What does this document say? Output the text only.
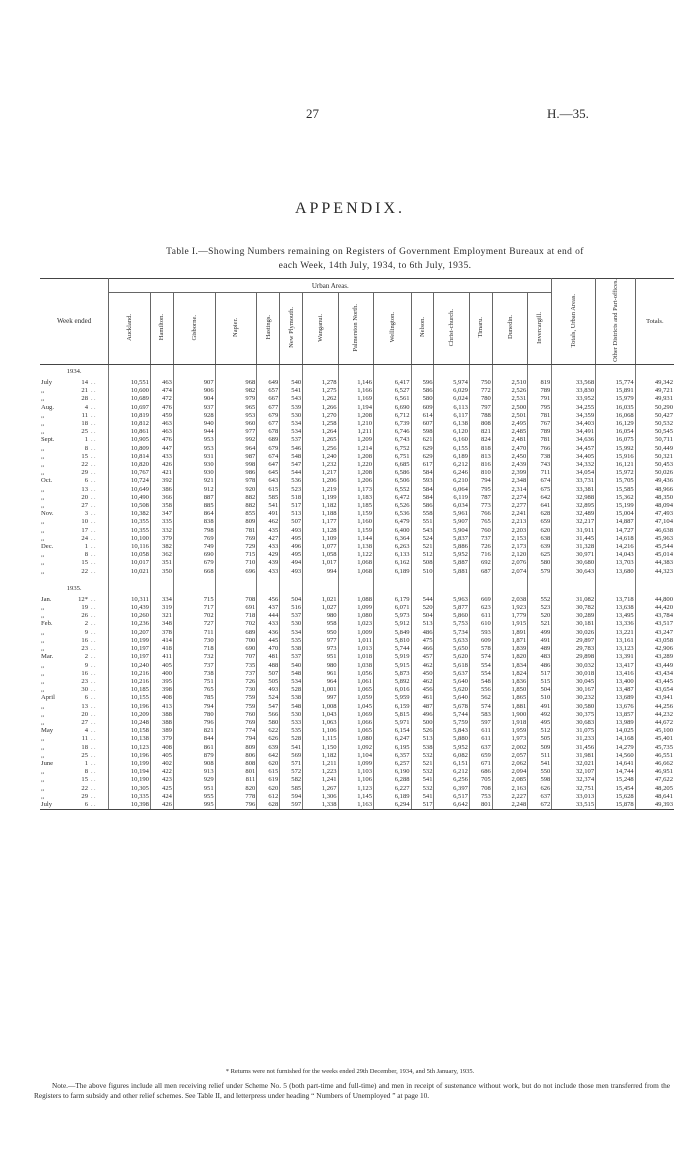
27	H.—35.
APPENDIX.
Table I.—Showing Numbers remaining on Registers of Government Employment Bureaux at end of
each Week, 14th July, 1934, to 6th July, 1935.
Week ended			Urban Areas.														Totals, Urban Areas.	Other Districts and Part-offices.	Totals.
			Auckland.	Hamilton.	Gisborne.	Napier.	Hastings.	New Plymouth.	Wanganui.	Palmerston North.	Wellington.	Nelson.	Christ-church.	Timaru.	Dunedin.	Invercargill.			
1934.																			
July	14	. .	10,551	463	907	968	649	540	1,278	1,146	6,417	596	5,974	750	2,510	819	33,568	15,774	49,342
,,	21	. .	10,600	474	906	982	657	541	1,275	1,166	6,527	586	6,029	772	2,526	789	33,830	15,891	49,721
,,	28	. .	10,689	472	904	979	667	543	1,262	1,169	6,561	580	6,024	780	2,531	791	33,952	15,979	49,931
Aug.	4	. .	10,697	476	937	965	677	539	1,266	1,194	6,690	609	6,113	797	2,500	795	34,255	16,035	50,290
,,	11	. .	10,819	459	928	953	679	530	1,270	1,208	6,712	614	6,117	788	2,501	781	34,359	16,068	50,427
,,	18	. .	10,812	463	940	960	677	534	1,258	1,210	6,739	607	6,138	808	2,495	767	34,403	16,129	50,532
,,	25	. .	10,861	463	944	977	678	534	1,264	1,211	6,746	598	6,120	821	2,485	789	34,491	16,054	50,545
Sept.	1	. .	10,905	476	953	992	689	537	1,265	1,209	6,743	621	6,160	824	2,481	781	34,636	16,075	50,711
,,	8	. .	10,809	447	953	964	679	546	1,256	1,214	6,752	629	6,155	818	2,470	766	34,457	15,992	50,449
,,	15	. .	10,814	433	931	987	674	548	1,240	1,208	6,751	629	6,189	813	2,450	738	34,405	15,916	50,321
,,	22	. .	10,820	426	930	998	647	547	1,232	1,220	6,685	617	6,212	816	2,439	743	34,332	16,121	50,453
,,	29	. .	10,767	421	930	986	645	544	1,217	1,208	6,586	584	6,246	810	2,399	711	34,054	15,972	50,026
Oct.	6	. .	10,724	392	921	978	643	536	1,206	1,206	6,506	593	6,210	794	2,348	674	33,731	15,705	49,436
,,	13	. .	10,649	386	912	920	615	523	1,219	1,173	6,552	584	6,064	795	2,314	675	33,381	15,585	48,966
,,	20	. .	10,490	366	887	882	585	518	1,199	1,183	6,472	584	6,119	787	2,274	642	32,988	15,362	48,350
,,	27	. .	10,508	358	885	882	541	517	1,182	1,185	6,526	586	6,034	773	2,277	641	32,895	15,199	48,094
Nov.	3	. .	10,382	347	864	855	491	513	1,188	1,159	6,536	558	5,961	766	2,241	628	32,489	15,004	47,493
,,	10	. .	10,355	335	838	809	462	507	1,177	1,160	6,479	551	5,907	765	2,213	659	32,217	14,887	47,104
,,	17	. .	10,355	332	798	781	435	493	1,128	1,159	6,400	543	5,904	760	2,203	620	31,911	14,727	46,638
,,	24	. .	10,100	379	769	769	427	495	1,109	1,144	6,364	524	5,837	737	2,153	638	31,445	14,618	45,963
Dec.	1	. .	10,116	382	749	729	433	496	1,077	1,138	6,263	521	5,886	726	2,173	639	31,328	14,216	45,544
,,	8	. .	10,058	362	690	715	429	495	1,058	1,122	6,133	512	5,952	716	2,120	625	30,971	14,043	45,014
,,	15	. .	10,017	351	679	710	439	494	1,017	1,068	6,162	508	5,887	692	2,076	580	30,680	13,703	44,383
,,	22	. .	10,021	350	668	696	433	493	994	1,068	6,189	510	5,881	687	2,074	579	30,643	13,680	44,323

1935.																			
Jan.	12*	. .	10,311	334	715	708	456	504	1,021	1,088	6,179	544	5,963	669	2,038	552	31,082	13,718	44,800
,,	19	. .	10,439	319	717	691	437	516	1,027	1,099	6,071	520	5,877	623	1,923	523	30,782	13,638	44,420
,,	26	. .	10,260	321	702	718	444	537	980	1,080	5,973	504	5,860	611	1,779	520	30,289	13,495	43,784
Feb.	2	. .	10,236	348	727	702	433	530	958	1,023	5,912	513	5,753	610	1,915	521	30,181	13,336	43,517
,,	9	. .	10,207	378	711	689	436	534	950	1,009	5,849	486	5,734	593	1,891	499	30,026	13,221	43,247
,,	16	. .	10,199	414	730	700	445	535	977	1,011	5,810	475	5,633	609	1,871	491	29,897	13,161	43,058
,,	23	. .	10,197	418	718	690	470	538	973	1,013	5,744	466	5,650	578	1,839	489	29,783	13,123	42,906
Mar.	2	. .	10,197	411	732	707	481	537	951	1,018	5,919	457	5,620	574	1,820	483	29,898	13,391	43,289
,,	9	. .	10,240	405	737	735	488	540	980	1,038	5,915	462	5,618	554	1,834	486	30,032	13,417	43,449
,,	16	. .	10,216	400	738	737	507	548	961	1,056	5,873	450	5,637	554	1,824	517	30,018	13,416	43,434
,,	23	. .	10,216	395	751	726	505	534	964	1,061	5,892	462	5,640	548	1,836	515	30,045	13,400	43,445
,,	30	. .	10,185	398	765	730	493	528	1,001	1,065	6,016	456	5,620	556	1,850	504	30,167	13,487	43,654
April	6	. .	10,155	408	785	759	524	538	997	1,059	5,959	461	5,640	562	1,865	510	30,232	13,689	43,941
,,	13	. .	10,196	413	794	759	547	548	1,008	1,045	6,159	487	5,678	574	1,881	491	30,580	13,676	44,256
,,	20	. .	10,209	388	780	760	566	530	1,043	1,069	5,815	496	5,744	583	1,900	492	30,375	13,857	44,232
,,	27	. .	10,248	388	796	769	580	533	1,063	1,066	5,971	500	5,759	597	1,918	495	30,683	13,989	44,672
May	4	. .	10,158	389	821	774	622	535	1,106	1,065	6,154	526	5,843	611	1,959	512	31,075	14,025	45,100
,,	11	. .	10,138	379	844	794	626	528	1,115	1,080	6,247	513	5,880	611	1,973	505	31,233	14,168	45,401
,,	18	. .	10,123	408	861	809	639	541	1,150	1,092	6,195	538	5,952	637	2,002	509	31,456	14,279	45,735
,,	25	. .	10,196	405	879	806	642	569	1,182	1,104	6,357	532	6,082	659	2,057	511	31,981	14,560	46,551
June	1	. .	10,199	402	908	808	620	571	1,211	1,099	6,257	521	6,151	671	2,062	541	32,021	14,641	46,662
,,	8	. .	10,194	422	913	801	615	572	1,223	1,103	6,190	532	6,212	686	2,094	550	32,107	14,744	46,951
,,	15	. .	10,190	423	929	811	619	582	1,241	1,106	6,288	541	6,256	705	2,085	598	32,374	15,248	47,622
,,	22	. .	10,305	425	951	820	620	585	1,267	1,123	6,227	532	6,397	708	2,163	626	32,751	15,454	48,205
,,	29	. .	10,335	424	955	778	612	594	1,306	1,145	6,189	541	6,517	753	2,227	637	33,013	15,628	48,641
July	6	. .	10,398	426	995	796	628	597	1,338	1,163	6,294	517	6,642	801	2,248	672	33,515	15,878	49,393
* Returns were not furnished for the weeks ended 29th December, 1934, and 5th January, 1935.
Note.—The above figures include all men receiving relief under Scheme No. 5 (both part-time and full-time) and men in receipt of sustenance without work, but do not include those men transferred from the Registers to farm subsidy and other relief schemes. See Table II, and letterpress under heading “ Numbers of Unemployed ” at page 10.
